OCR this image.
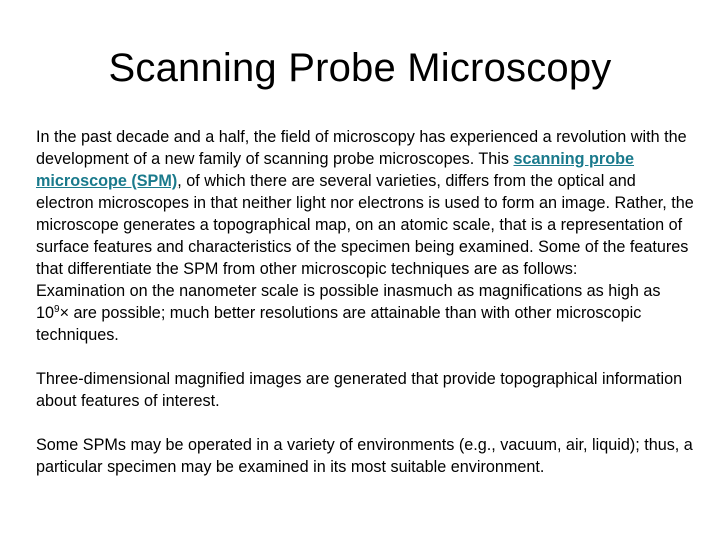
Scanning Probe Microscopy

In the past decade and a half, the field of microscopy has experienced a revolution with the development of a new family of scanning probe microscopes. This scanning probe microscope (SPM), of which there are several varieties, differs from the optical and electron microscopes in that neither light nor electrons is used to form an image. Rather, the microscope generates a topographical map, on an atomic scale, that is a representation of surface features and characteristics of the specimen being examined. Some of the features that differentiate the SPM from other microscopic techniques are as follows:

Examination on the nanometer scale is possible inasmuch as magnifications as high as $10^9\times$ are possible; much better resolutions are attainable than with other microscopic techniques.

Three-dimensional magnified images are generated that provide topographical information about features of interest.

Some SPMs may be operated in a variety of environments (e.g., vacuum, air, liquid); thus, a particular specimen may be examined in its most suitable environment.
